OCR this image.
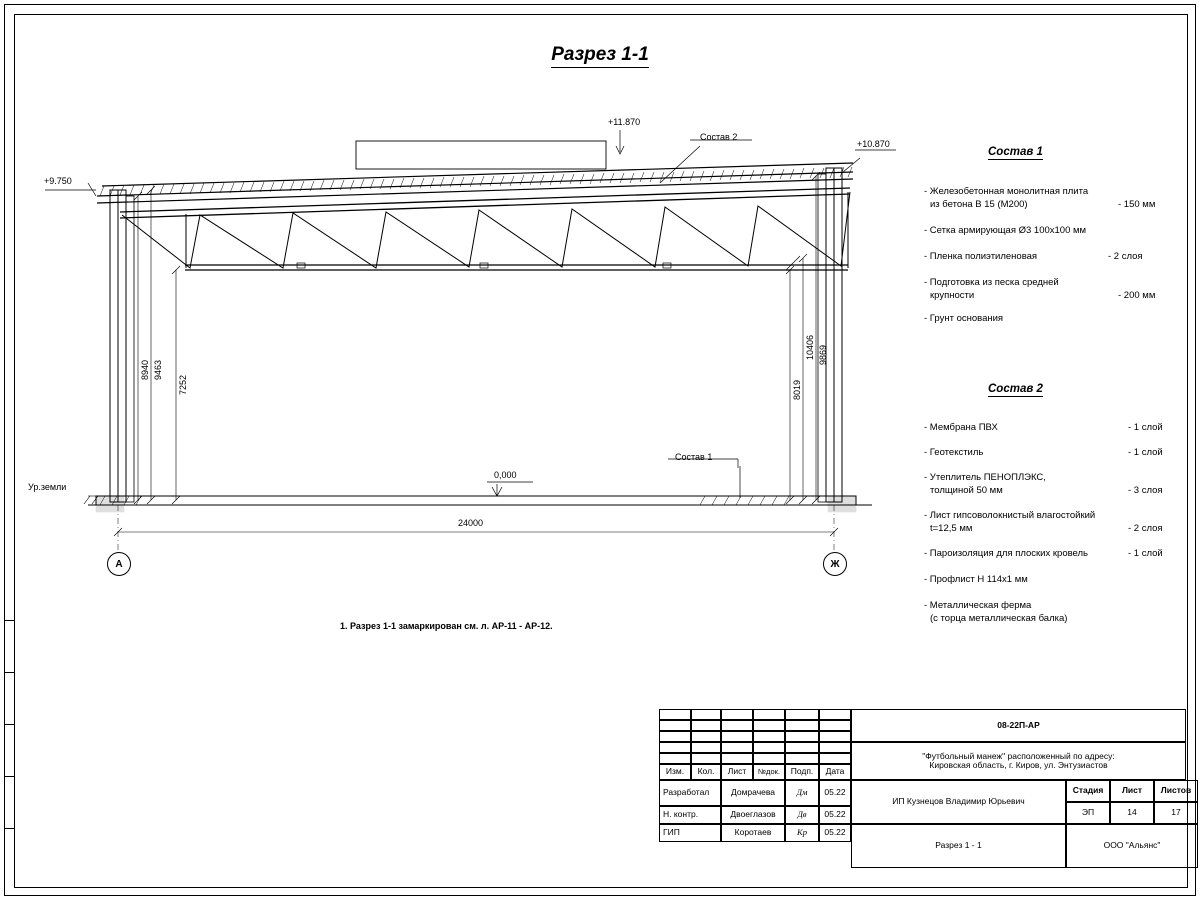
Разрез 1-1
+11.870
+10.870
+9.750
0,000
Ур.земли
Состав 2
Состав 1
8940 9463
7252	8019
10406 9869
24000
А	Ж
1. Разрез 1-1 замаркирован см. л. АР-11 - АР-12.
Состав 1
- Железобетонная монолитная плита
из бетона В 15 (М200)	- 150 мм
- Сетка армирующая Ø3 100х100 мм
- Пленка полиэтиленовая	- 2 слоя
- Подготовка из песка средней
крупности	- 200 мм
- Грунт основания
Состав 2
- Мембрана ПВХ	- 1 слой
- Геотекстиль	- 1 слой
- Утеплитель ПЕНОПЛЭКС,
толщиной 50 мм	- 3 слоя
- Лист гипсоволокнистый влагостойкий
t=12,5 мм	- 2 слоя
- Пароизоляция для плоских кровель	- 1 слой
- Профлист Н 114х1 мм
- Металлическая ферма
(с торца металлическая балка)
Изм.	Кол.	Лист	№док.	Подп.	Дата
Разработал	Домрачева	Дм	05.22
Н. контр.	Двоеглазов	Дв	05.22
ГИП	Коротаев	Кр	05.22
08-22П-АР
"Футбольный манеж" расположенный по адресу:
Кировская область, г. Киров, ул. Энтузиастов
ИП Кузнецов Владимир Юрьевич
Разрез 1 - 1
Стадия	Лист	Листов
ЭП	14	17
ООО "Альянс"
